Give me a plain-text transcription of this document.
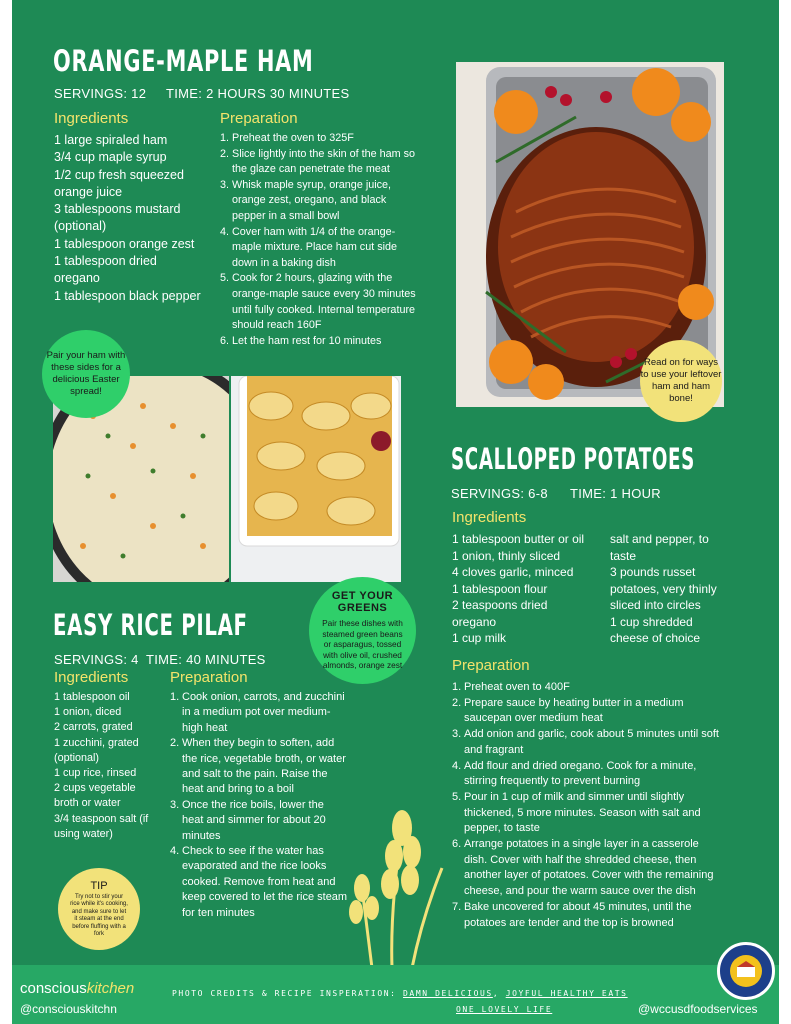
ORANGE-MAPLE HAM
SERVINGS: 12 TIME: 2 HOURS 30 MINUTES
Ingredients
1 large spiraled ham
3/4 cup maple syrup
1/2 cup fresh squeezed
orange juice
3 tablespoons mustard
(optional)
1 tablespoon orange zest
1 tablespoon dried
oregano
1 tablespoon black pepper
Preparation
Preheat the oven to 325F
Slice lightly into the skin of the ham so the glaze can penetrate the meat
Whisk maple syrup, orange juice, orange zest, oregano, and black pepper in a small bowl
Cover ham with 1/4 of the orange-maple mixture. Place ham cut side down in a baking dish
Cook for 2 hours, glazing with the orange-maple sauce every 30 minutes until fully cooked. Internal temperature should reach 160F
Let the ham rest for 10 minutes
Read on for ways to use your leftover ham and ham bone!
Pair your ham with these sides for a delicious Easter spread!
GET YOUR GREENS
Pair these dishes with steamed green beans or asparagus, tossed with olive oil, crushed almonds, orange zest
SCALLOPED POTATOES
SERVINGS: 6-8 TIME: 1 HOUR
Ingredients
1 tablespoon butter or oil
1 onion, thinly sliced
4 cloves garlic, minced
1 tablespoon flour
2 teaspoons dried
oregano
1 cup milk
salt and pepper, to
taste
3 pounds russet
potatoes, very thinly
sliced into circles
1 cup shredded
cheese of choice
Preparation
Preheat oven to 400F
Prepare sauce by heating butter in a medium saucepan over medium heat
Add onion and garlic, cook about 5 minutes until soft and fragrant
Add flour and dried oregano. Cook for a minute, stirring frequently to prevent burning
Pour in 1 cup of milk and simmer until slightly thickened, 5 more minutes. Season with salt and pepper, to taste
Arrange potatoes in a single layer in a casserole dish. Cover with half the shredded cheese, then another layer of potatoes. Cover with the remaining cheese, and pour the warm sauce over the dish
Bake uncovered for about 45 minutes, until the potatoes are tender and the top is browned
EASY RICE PILAF
SERVINGS: 4 TIME: 40 MINUTES
Ingredients
1 tablespoon oil
1 onion, diced
2 carrots, grated
1 zucchini, grated
(optional)
1 cup rice, rinsed
2 cups vegetable
broth or water
3/4 teaspoon salt (if
using water)
Preparation
Cook onion, carrots, and zucchini in a medium pot over medium-high heat
When they begin to soften, add the rice, vegetable broth, or water and salt to the pain. Raise the heat and bring to a boil
Once the rice boils, lower the heat and simmer for about 20 minutes
Check to see if the water has evaporated and the rice looks cooked. Remove from heat and keep covered to let the rice steam for ten minutes
TIP
Try not to stir your rice while it's cooking, and make sure to let it steam at the end before fluffing with a fork
consciouskitchen
@consciouskitchn
PHOTO CREDITS & RECIPE INSPERATION: DAMN DELICIOUS, JOYFUL HEALTHY EATS
ONE LOVELY LIFE	@wccusdfoodservices
